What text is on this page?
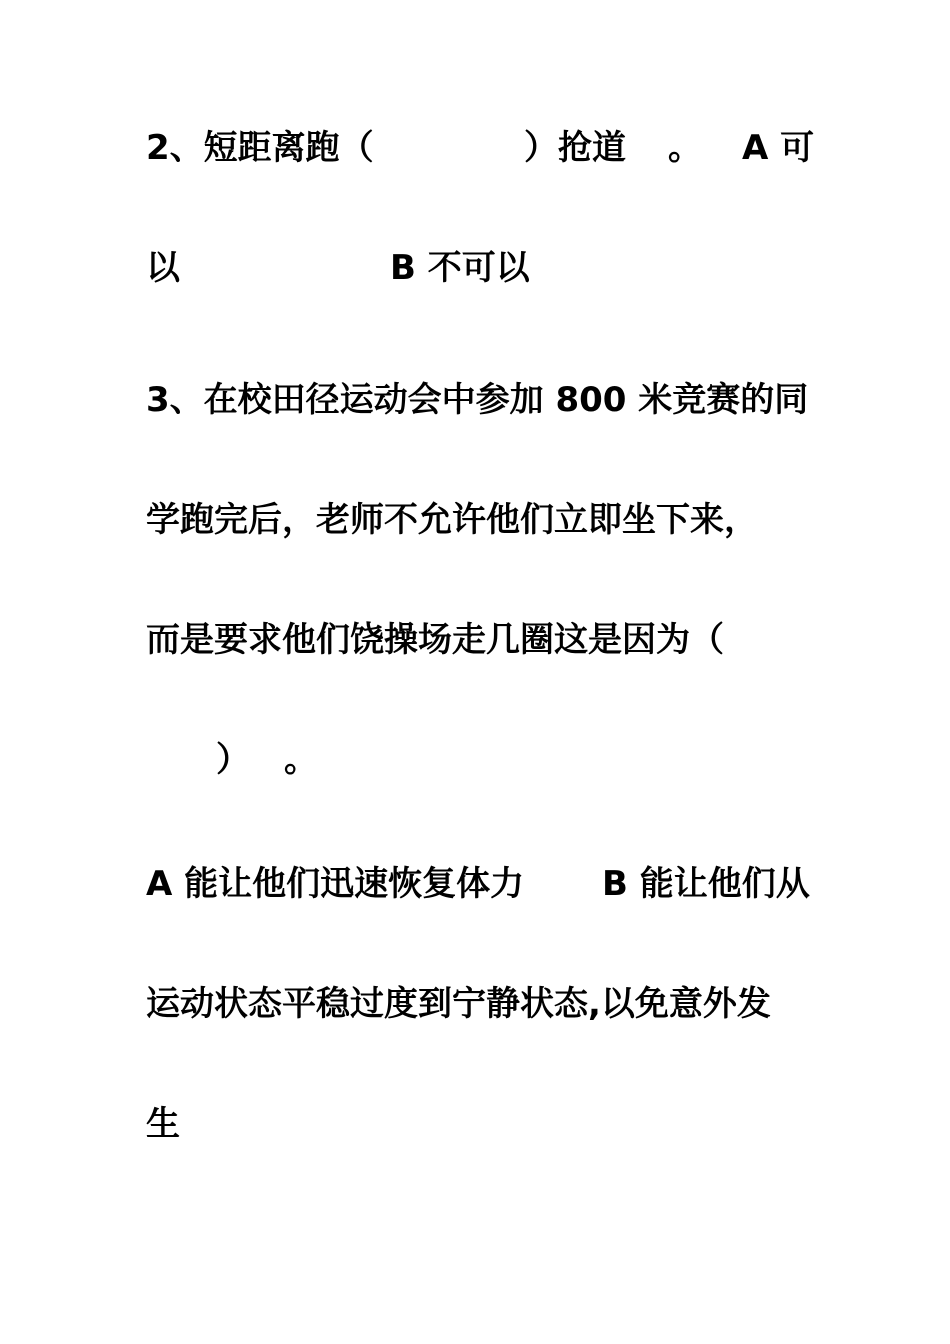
2、短距离跑（

	）抢道

。

A 可

以

	B 不可以

3、在校田径运动会中参加 800 米竞赛的同

学跑完后，老师不允许他们立即坐下来，

而是要求他们饶操场走几圈这是因为（

）

。

A 能让他们迅速恢复体力

B 能让他们从

运动状态平稳过度到宁静状态,以免意外发

生
